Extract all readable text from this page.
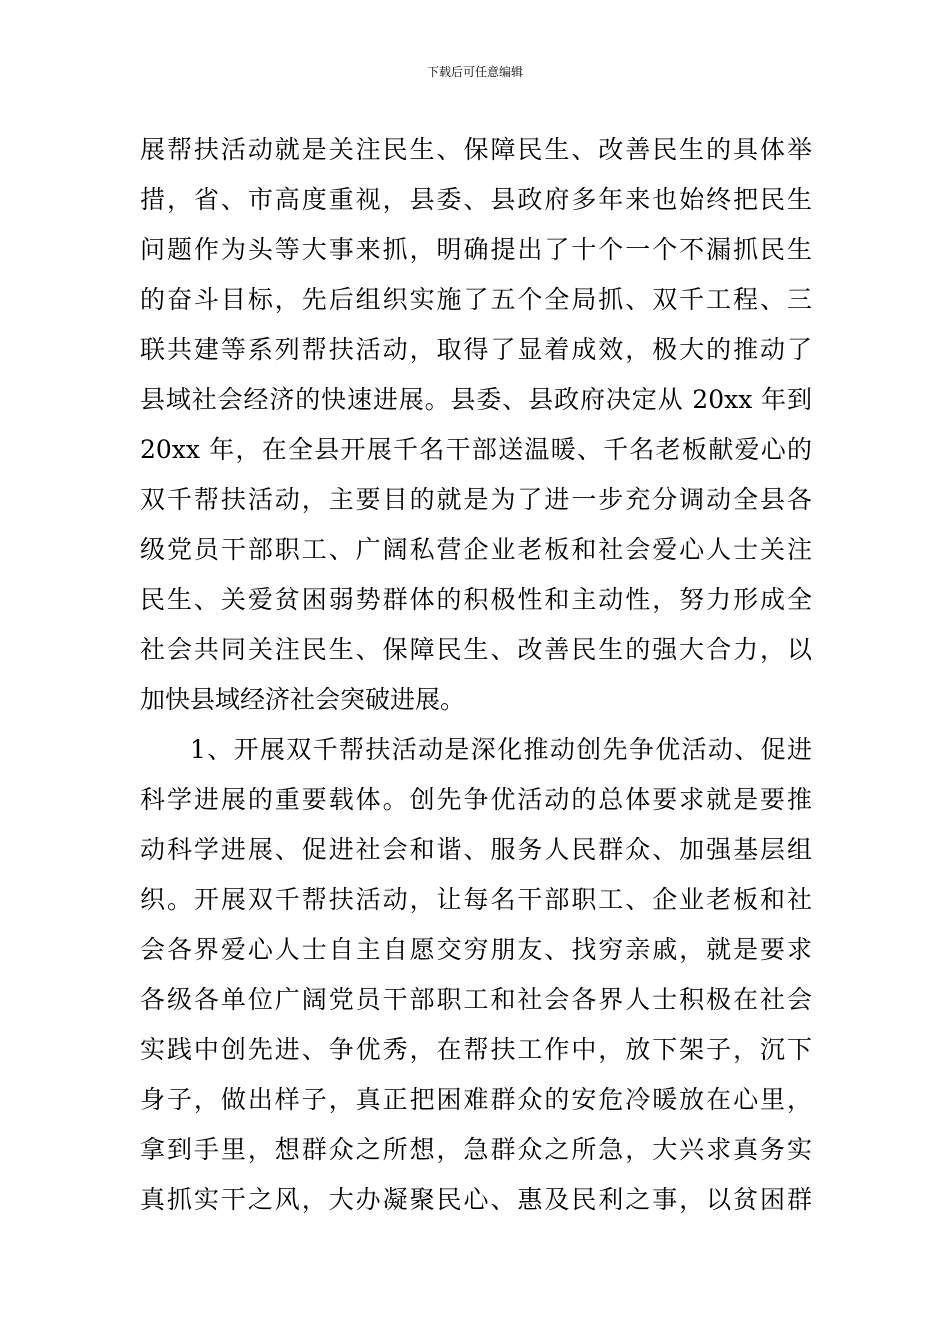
下载后可任意编辑
展帮扶活动就是关注民生、保障民生、改善民生的具体举
措，省、市高度重视，县委、县政府多年来也始终把民生
问题作为头等大事来抓，明确提出了十个一个不漏抓民生
的奋斗目标，先后组织实施了五个全局抓、双千工程、三
联共建等系列帮扶活动，取得了显着成效，极大的推动了
县域社会经济的快速进展。县委、县政府决定从 20xx 年到
20xx 年，在全县开展千名干部送温暖、千名老板献爱心的
双千帮扶活动，主要目的就是为了进一步充分调动全县各
级党员干部职工、广阔私营企业老板和社会爱心人士关注
民生、关爱贫困弱势群体的积极性和主动性，努力形成全
社会共同关注民生、保障民生、改善民生的强大合力，以
加快县域经济社会突破进展。
1、开展双千帮扶活动是深化推动创先争优活动、促进
科学进展的重要载体。创先争优活动的总体要求就是要推
动科学进展、促进社会和谐、服务人民群众、加强基层组
织。开展双千帮扶活动，让每名干部职工、企业老板和社
会各界爱心人士自主自愿交穷朋友、找穷亲戚，就是要求
各级各单位广阔党员干部职工和社会各界人士积极在社会
实践中创先进、争优秀，在帮扶工作中，放下架子，沉下
身子，做出样子，真正把困难群众的安危冷暖放在心里，
拿到手里，想群众之所想，急群众之所急，大兴求真务实
真抓实干之风，大办凝聚民心、惠及民利之事，以贫困群
